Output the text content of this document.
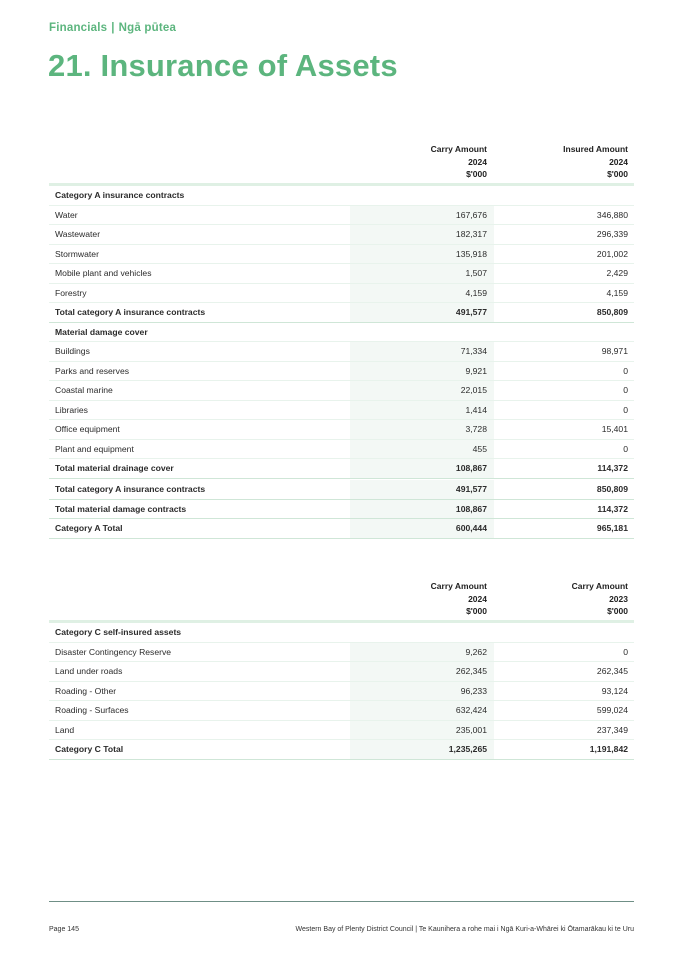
Financials | Ngā pūtea
21. Insurance of Assets
Carry Amount
2024
$'000
Insured Amount
2024
$'000
Category A insurance contracts
Water	167,676	346,880
Wastewater	182,317	296,339
Stormwater	135,918	201,002
Mobile plant and vehicles	1,507	2,429
Forestry	4,159	4,159
Total category A insurance contracts	491,577	850,809
Material damage cover
Buildings	71,334	98,971
Parks and reserves	9,921	0
Coastal marine	22,015	0
Libraries	1,414	0
Office equipment	3,728	15,401
Plant and equipment	455	0
Total material drainage cover	108,867	114,372
Total category A insurance contracts	491,577	850,809
Total material damage contracts	108,867	114,372
Category A Total	600,444	965,181
Carry Amount
2024
$'000
Carry Amount
2023
$'000
Category C self-insured assets
Disaster Contingency Reserve	9,262	0
Land under roads	262,345	262,345
Roading - Other	96,233	93,124
Roading - Surfaces	632,424	599,024
Land	235,001	237,349
Category C Total	1,235,265	1,191,842
Page 145	Western Bay of Plenty District Council | Te Kaunihera a rohe mai i Ngā Kuri-a-Whārei ki Ōtamarākau ki te Uru
